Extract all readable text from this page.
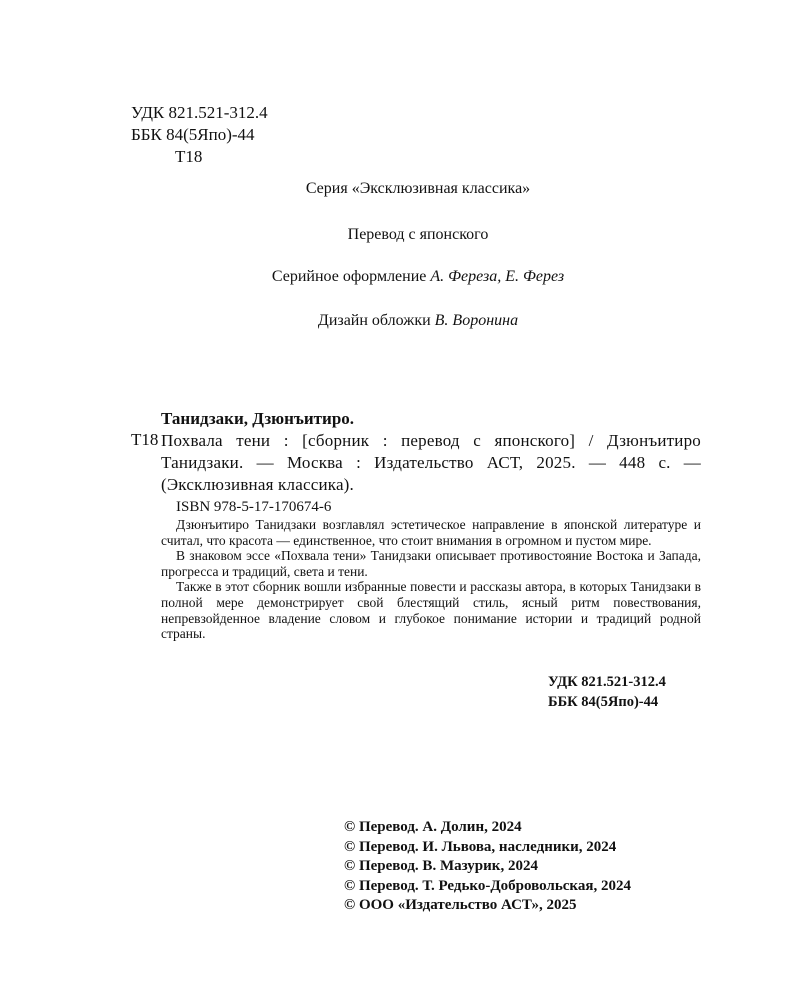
УДК 821.521-312.4
ББК 84(5Япо)-44
Т18
Серия «Эксклюзивная классика»
Перевод с японского
Серийное оформление А. Фереза, Е. Ферез
Дизайн обложки В. Воронина
Танидзаки, Дзюнъитиро.
Т18 Похвала тени : [сборник : перевод с японского] / Дзюнъитиро Танидзаки. — Москва : Издательство АСТ, 2025. — 448 с. — (Эксклюзивная классика).
ISBN 978-5-17-170674-6

Дзюнъитиро Танидзаки возглавлял эстетическое направление в японской литературе и считал, что красота — единственное, что стоит внимания в огромном и пустом мире.

В знаковом эссе «Похвала тени» Танидзаки описывает противостояние Востока и Запада, прогресса и традиций, света и тени.

Также в этот сборник вошли избранные повести и рассказы автора, в которых Танидзаки в полной мере демонстрирует свой блестящий стиль, ясный ритм повествования, непревзойденное владение словом и глубокое понимание истории и традиций родной страны.

УДК 821.521-312.4
ББК 84(5Япо)-44
© Перевод. А. Долин, 2024
© Перевод. И. Львова, наследники, 2024
© Перевод. В. Мазурик, 2024
© Перевод. Т. Редько-Добровольская, 2024
© ООО «Издательство АСТ», 2025
